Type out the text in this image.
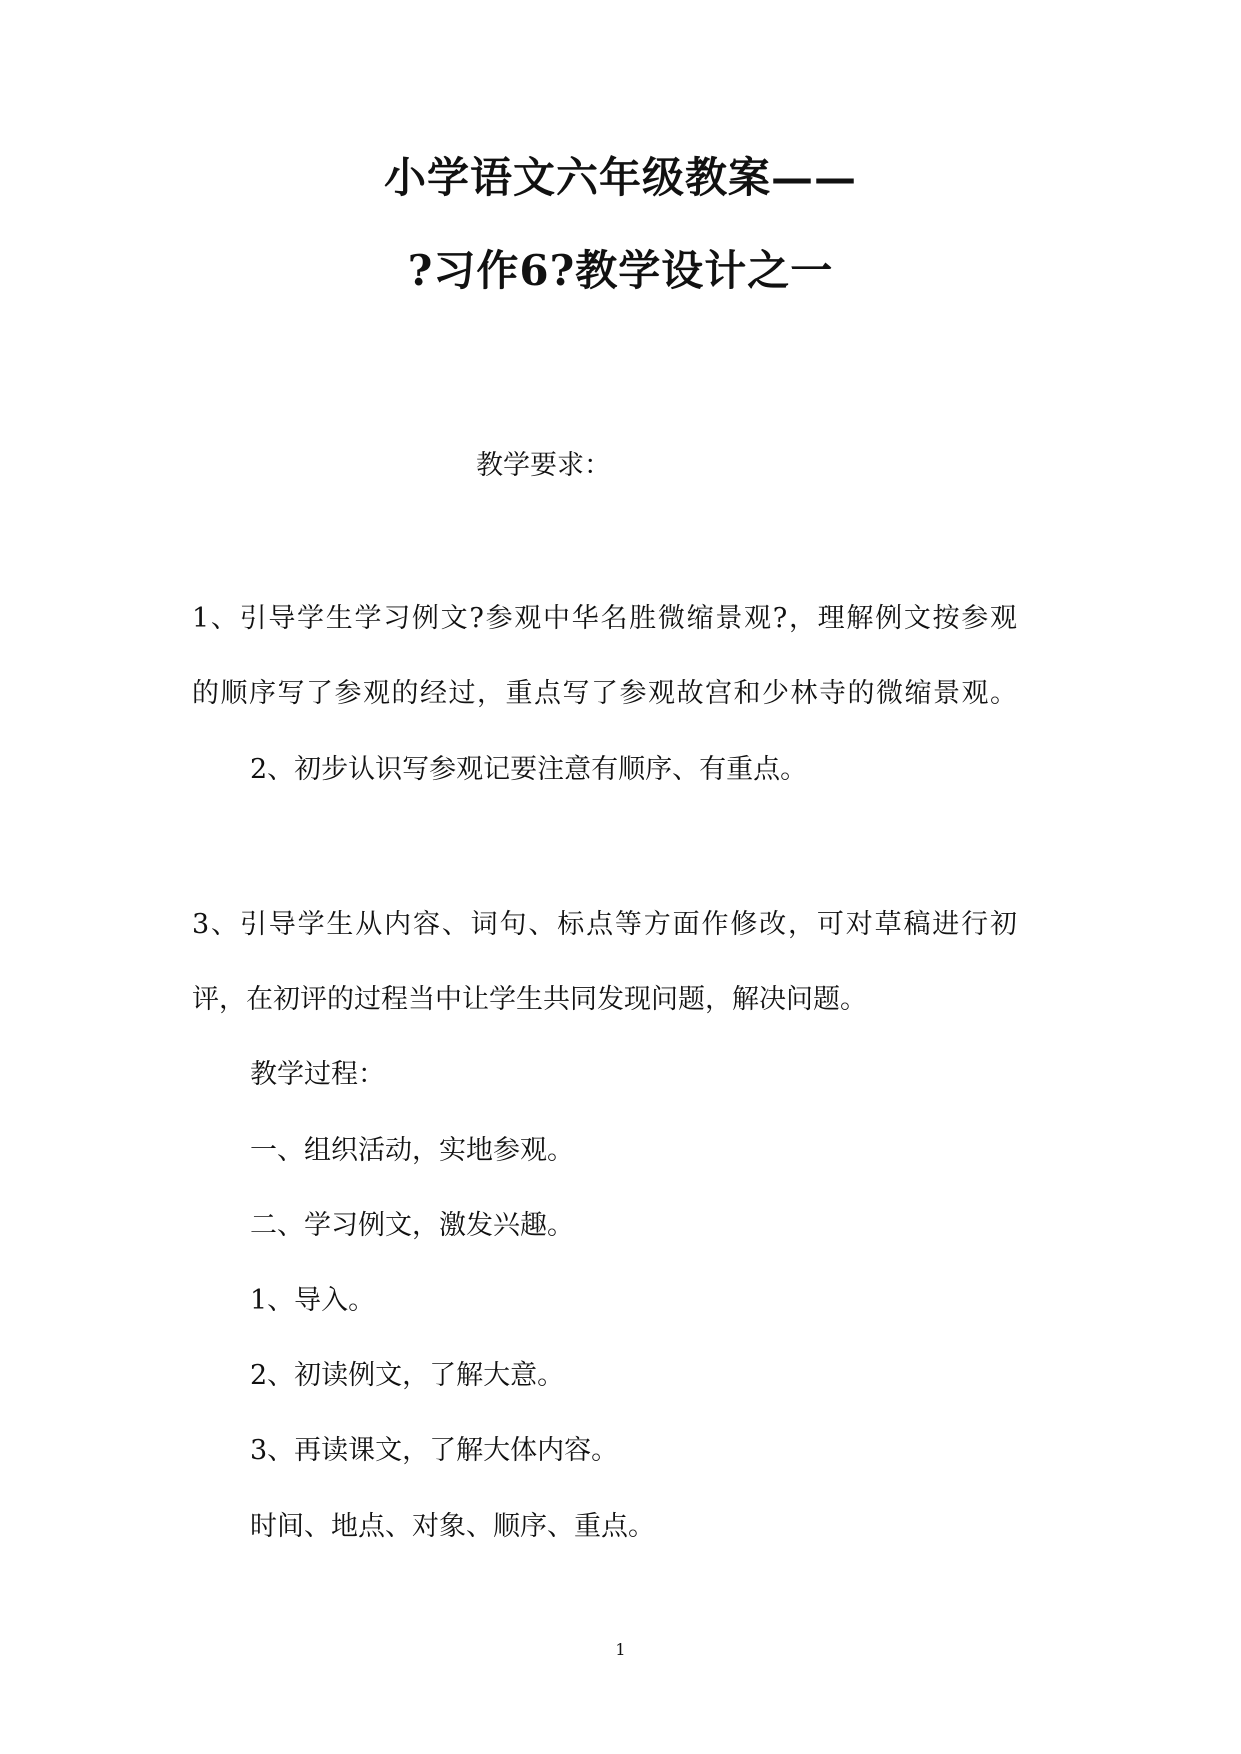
小学语文六年级教案——
?习作6?教学设计之一
教学要求：
1、引导学生学习例文?参观中华名胜微缩景观?，理解例文按参观
的顺序写了参观的经过，重点写了参观故宫和少林寺的微缩景观。
2、初步认识写参观记要注意有顺序、有重点。
3、引导学生从内容、词句、标点等方面作修改，可对草稿进行初
评，在初评的过程当中让学生共同发现问题，解决问题。
教学过程：
一、组织活动，实地参观。
二、学习例文，激发兴趣。
1、导入。
2、初读例文，了解大意。
3、再读课文，了解大体内容。
时间、地点、对象、顺序、重点。
1
